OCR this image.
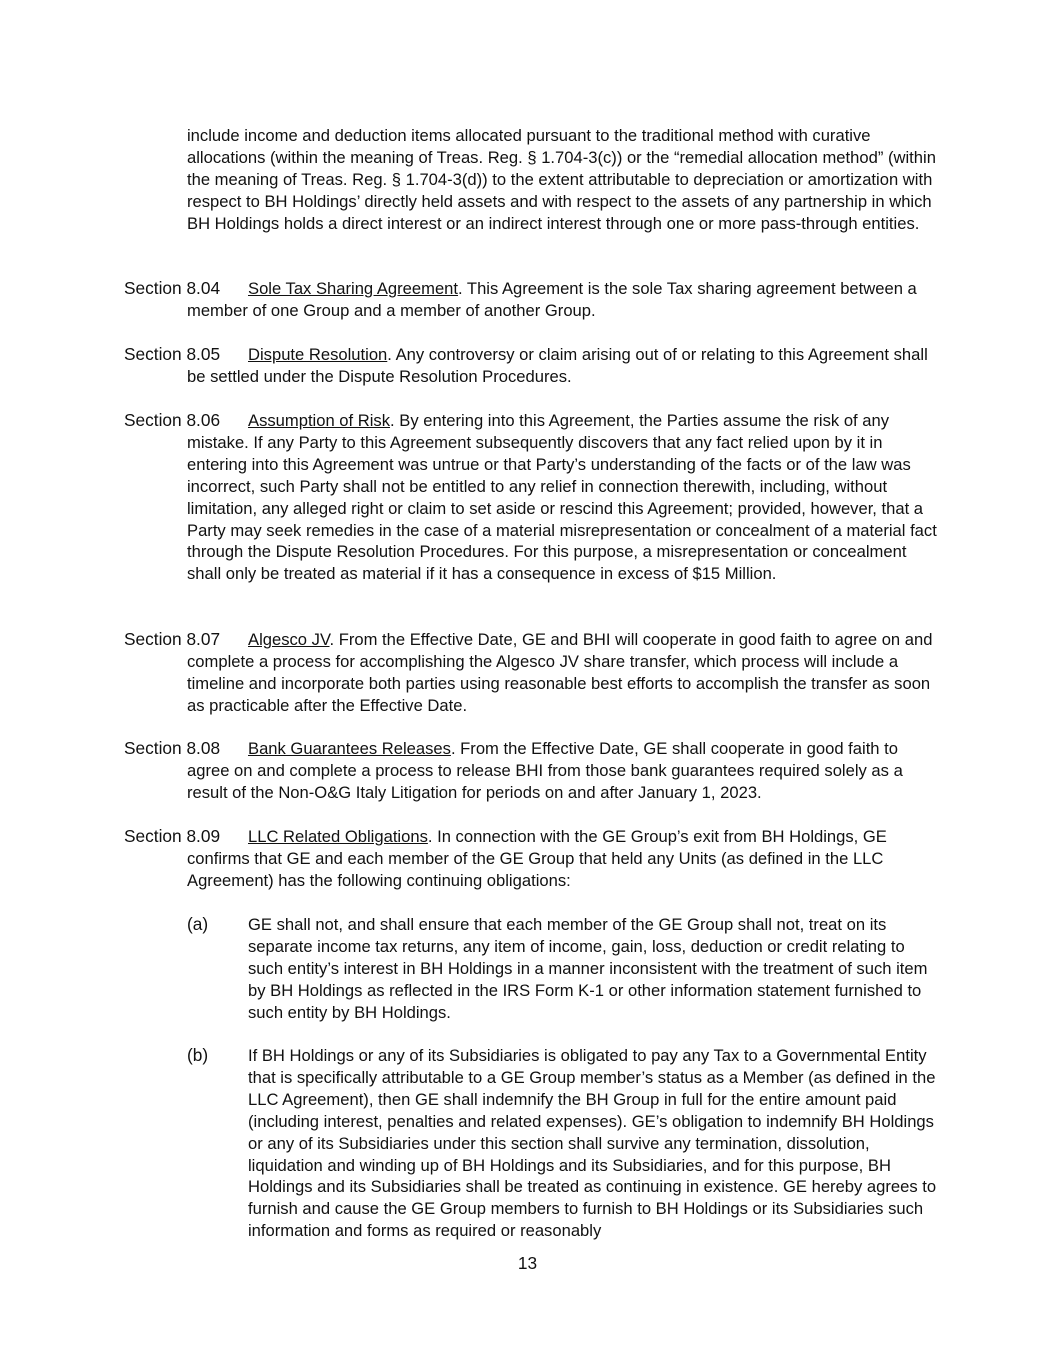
include income and deduction items allocated pursuant to the traditional method with curative allocations (within the meaning of Treas. Reg. § 1.704-3(c)) or the “remedial allocation method” (within the meaning of Treas. Reg. § 1.704-3(d)) to the extent attributable to depreciation or amortization with respect to BH Holdings’ directly held assets and with respect to the assets of any partnership in which BH Holdings holds a direct interest or an indirect interest through one or more pass-through entities.

Section 8.04	Sole Tax Sharing Agreement. This Agreement is the sole Tax sharing agreement between a member of one Group and a member of another Group.
Section 8.05	Dispute Resolution. Any controversy or claim arising out of or relating to this Agreement shall be settled under the Dispute Resolution Procedures.
Section 8.06	Assumption of Risk. By entering into this Agreement, the Parties assume the risk of any mistake. If any Party to this Agreement subsequently discovers that any fact relied upon by it in entering into this Agreement was untrue or that Party’s understanding of the facts or of the law was incorrect, such Party shall not be entitled to any relief in connection therewith, including, without limitation, any alleged right or claim to set aside or rescind this Agreement; provided, however, that a Party may seek remedies in the case of a material misrepresentation or concealment of a material fact through the Dispute Resolution Procedures. For this purpose, a misrepresentation or concealment shall only be treated as material if it has a consequence in excess of $15 Million.
Section 8.07	Algesco JV. From the Effective Date, GE and BHI will cooperate in good faith to agree on and complete a process for accomplishing the Algesco JV share transfer, which process will include a timeline and incorporate both parties using reasonable best efforts to accomplish the transfer as soon as practicable after the Effective Date.
Section 8.08	Bank Guarantees Releases. From the Effective Date, GE shall cooperate in good faith to agree on and complete a process to release BHI from those bank guarantees required solely as a result of the Non-O&G Italy Litigation for periods on and after January 1, 2023.
Section 8.09	LLC Related Obligations. In connection with the GE Group’s exit from BH Holdings, GE confirms that GE and each member of the GE Group that held any Units (as defined in the LLC Agreement) has the following continuing obligations:
(a) GE shall not, and shall ensure that each member of the GE Group shall not, treat on its separate income tax returns, any item of income, gain, loss, deduction or credit relating to such entity’s interest in BH Holdings in a manner inconsistent with the treatment of such item by BH Holdings as reflected in the IRS Form K-1 or other information statement furnished to such entity by BH Holdings.
(b) If BH Holdings or any of its Subsidiaries is obligated to pay any Tax to a Governmental Entity that is specifically attributable to a GE Group member’s status as a Member (as defined in the LLC Agreement), then GE shall indemnify the BH Group in full for the entire amount paid (including interest, penalties and related expenses). GE’s obligation to indemnify BH Holdings or any of its Subsidiaries under this section shall survive any termination, dissolution, liquidation and winding up of BH Holdings and its Subsidiaries, and for this purpose, BH Holdings and its Subsidiaries shall be treated as continuing in existence. GE hereby agrees to furnish and cause the GE Group members to furnish to BH Holdings or its Subsidiaries such information and forms as required or reasonably
13
